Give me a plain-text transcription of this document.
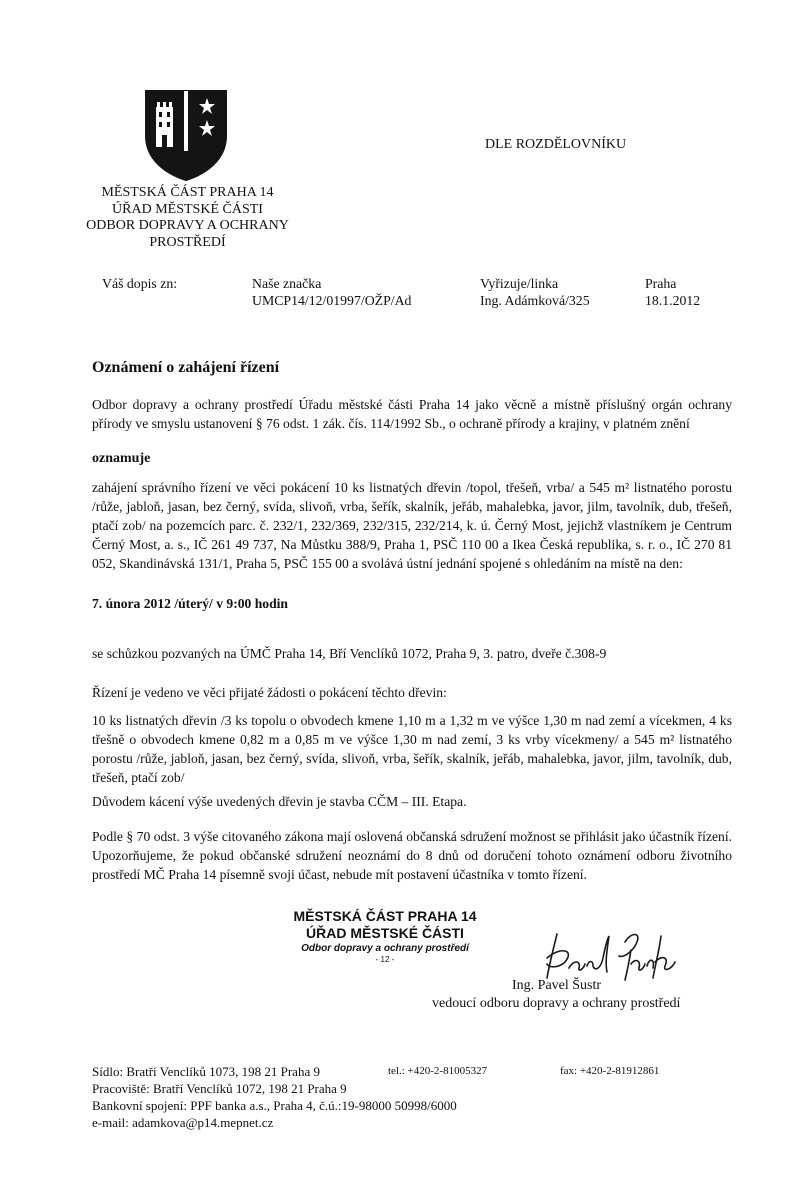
DLE ROZDĚLOVNÍKU
MĚSTSKÁ ČÁST PRAHA 14
ÚŘAD MĚSTSKÉ ČÁSTI
ODBOR DOPRAVY A OCHRANY
PROSTŘEDÍ
Váš dopis zn:	Naše značka
UMCP14/12/01997/OŽP/Ad
Vyřizuje/linka
Ing. Adámková/325
Praha
18.1.2012
Oznámení o zahájení řízení

Odbor dopravy a ochrany prostředí Úřadu městské části Praha 14 jako věcně a místně příslušný orgán ochrany přírody ve smyslu ustanovení § 76 odst. 1 zák. čís. 114/1992 Sb., o ochraně přírody a krajiny, v platném znění

oznamuje

zahájení správního řízení ve věci pokácení 10 ks listnatých dřevin /topol, třešeň, vrba/ a 545 m² listnatého porostu /růže, jabloň, jasan, bez černý, svída, slivoň, vrba, šeřík, skalník, jeřáb, mahalebka, javor, jilm, tavolník, dub, třešeň, ptačí zob/ na pozemcích parc. č. 232/1, 232/369, 232/315, 232/214, k. ú. Černý Most, jejichž vlastníkem je Centrum Černý Most, a. s., IČ 261 49 737, Na Můstku 388/9, Praha 1, PSČ 110 00 a Ikea Česká republika, s. r. o., IČ 270 81 052, Skandinávská 131/1, Praha 5, PSČ 155 00 a svolává ústní jednání spojené s ohledáním na místě na den:

7. února 2012 /úterý/ v 9:00 hodin
se schůzkou pozvaných na ÚMČ Praha 14, Bří Venclíků 1072, Praha 9, 3. patro, dveře č.308-9
Řízení je vedeno ve věci přijaté žádosti o pokácení těchto dřevin:

10 ks listnatých dřevin /3 ks topolu o obvodech kmene 1,10 m a 1,32 m ve výšce 1,30 m nad zemí a vícekmen, 4 ks třešně o obvodech kmene 0,82 m a 0,85 m ve výšce 1,30 m nad zemí, 3 ks vrby vícekmeny/ a 545 m² listnatého porostu /růže, jabloň, jasan, bez černý, svída, slivoň, vrba, šeřík, skalník, jeřáb, mahalebka, javor, jilm, tavolník, dub, třešeň, ptačí zob/

Důvodem kácení výše uvedených dřevin je stavba CČM – III. Etapa.

Podle § 70 odst. 3 výše citovaného zákona mají oslovená občanská sdružení možnost se přihlásit jako účastník řízení. Upozorňujeme, že pokud občanské sdružení neoznámí do 8 dnů od doručení tohoto oznámení odboru životního prostředí MČ Praha 14 písemně svoji účast, nebude mít postavení účastníka v tomto řízení.

MĚSTSKÁ ČÁST PRAHA 14
ÚŘAD MĚSTSKÉ ČÁSTI
Odbor dopravy a ochrany prostředí
- 12 -
Ing. Pavel Šustr
vedoucí odboru dopravy a ochrany prostředí
Sídlo: Bratří Venclíků 1073, 198 21 Praha 9
Pracoviště: Bratří Venclíků 1072, 198 21 Praha 9
Bankovní spojení: PPF banka a.s., Praha 4, č.ú.:19-98000 50998/6000
e-mail: adamkova@p14.mepnet.cz
tel.: +420-2-81005327	fax: +420-2-81912861
